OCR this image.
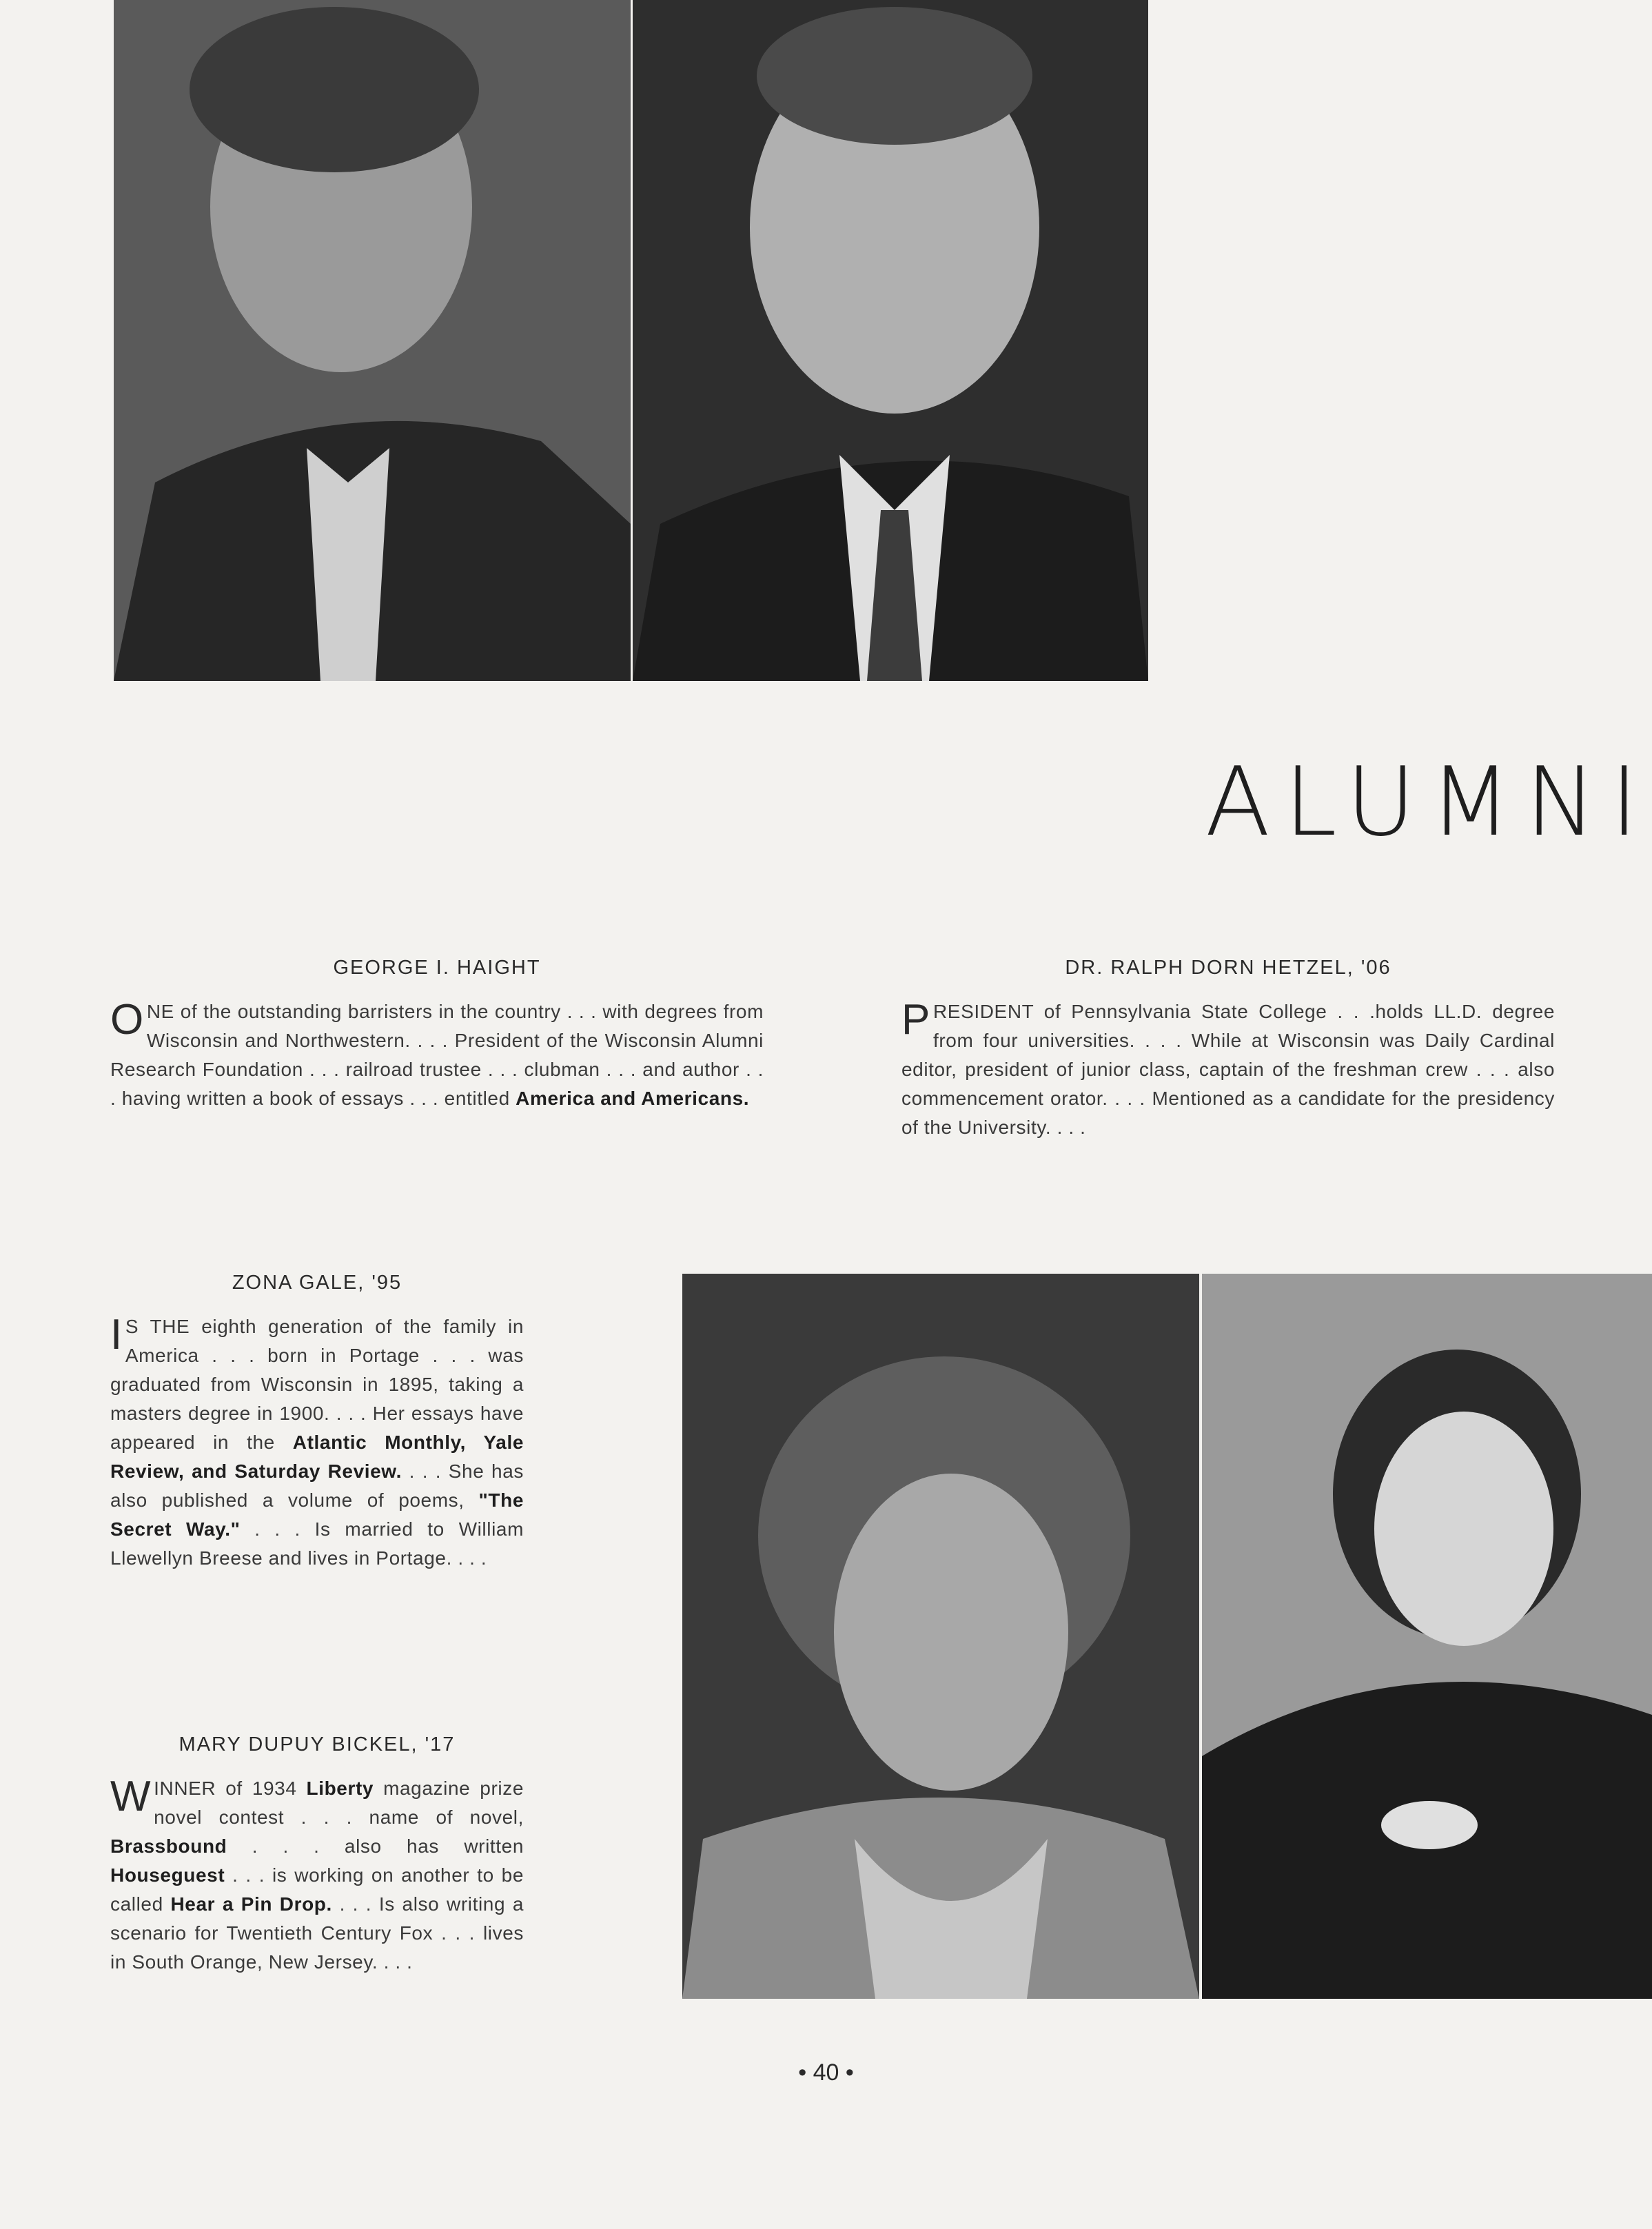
ALUMNI
GEORGE I. HAIGHT

ONE of the outstanding barristers in the country . . . with degrees from Wisconsin and Northwestern. . . . President of the Wisconsin Alumni Research Foundation . . . railroad trustee . . . clubman . . . and author . . . having written a book of essays . . . entitled America and Americans.

DR. RALPH DORN HETZEL, '06

PRESIDENT of Pennsylvania State College . . .holds LL.D. degree from four universities. . . . While at Wisconsin was Daily Cardinal editor, president of junior class, captain of the freshman crew . . . also commencement orator. . . . Mentioned as a candidate for the presidency of the University. . . .

ZONA GALE, '95

I S THE eighth generation of the family in America . . . born in Portage . . . was graduated from Wisconsin in 1895, taking a masters degree in 1900. . . . Her essays have appeared in the Atlantic Monthly, Yale Review, and Saturday Review. . . . She has also published a volume of poems, "The Secret Way." . . . Is married to William Llewellyn Breese and lives in Portage. . . .

MARY DUPUY BICKEL, '17

WINNER of 1934 Liberty magazine prize novel contest . . . name of novel, Brassbound . . . also has written Houseguest . . . is working on another to be called Hear a Pin Drop. . . . Is also writing a scenario for Twentieth Century Fox . . . lives in South Orange, New Jersey. . . .

• 40 •
